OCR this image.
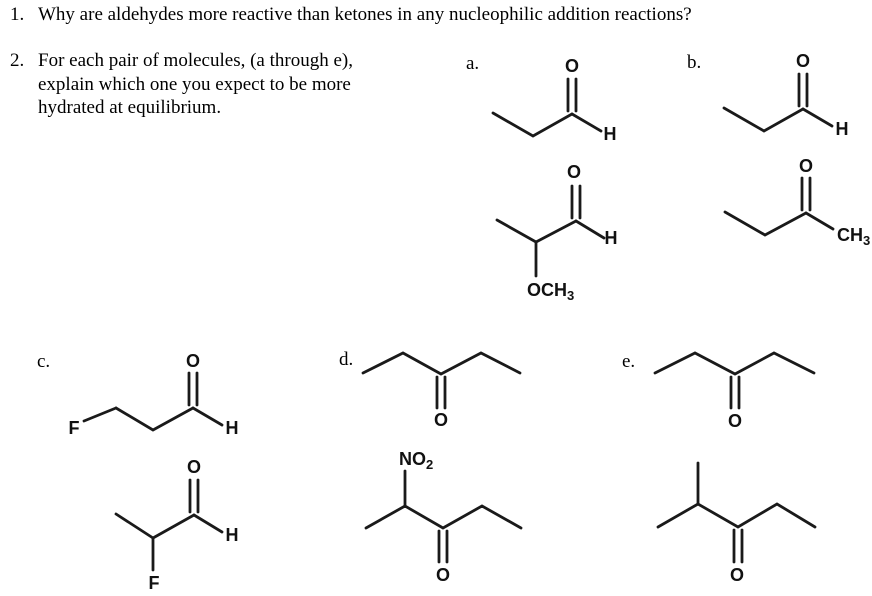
1. Why are aldehydes more reactive than ketones in any nucleophilic addition reactions?
2. For each pair of molecules, (a through e),
explain which one you expect to be more
hydrated at equilibrium.
a.	b.
c.	d.	e.
O
H
O
H
$OCH_3$
O
H
O
$CH_3$
F
O
H
O
H
F
O
O
$NO_2$
O
O
